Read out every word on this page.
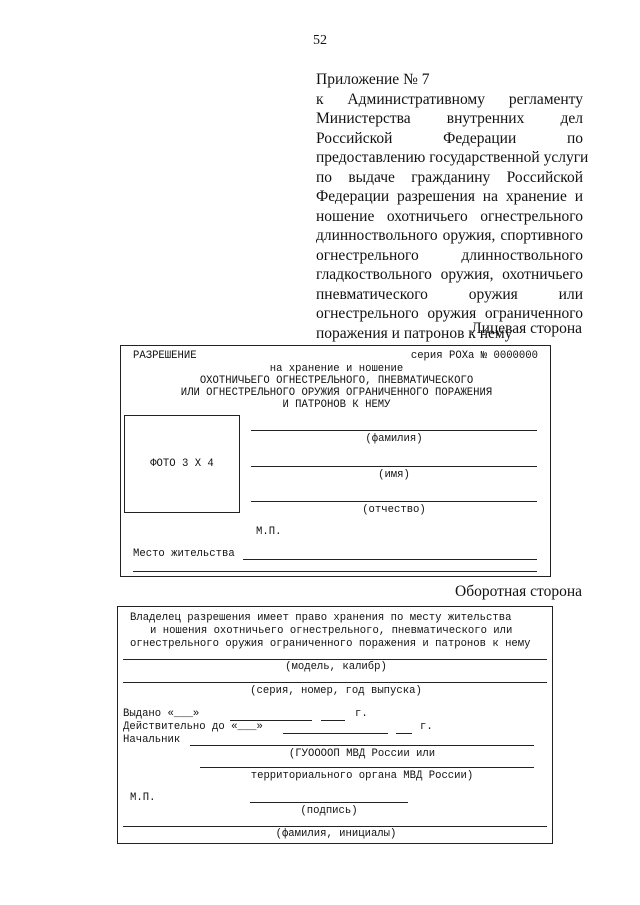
52
Приложение № 7
к Административному регламенту
Министерства внутренних дел
Российской Федерации по
предоставлению государственной услуги
по выдаче гражданину Российской
Федерации разрешения на хранение и
ношение охотничьего огнестрельного
длинноствольного оружия, спортивного
огнестрельного длинноствольного
гладкоствольного оружия, охотничьего
пневматического оружия или
огнестрельного оружия ограниченного
поражения и патронов к нему
Лицевая сторона
РАЗРЕШЕНИЕ	серия РОХа № 0000000
на хранение и ношение
ОХОТНИЧЬЕГО ОГНЕСТРЕЛЬНОГО, ПНЕВМАТИЧЕСКОГО
ИЛИ ОГНЕСТРЕЛЬНОГО ОРУЖИЯ ОГРАНИЧЕННОГО ПОРАЖЕНИЯ
И ПАТРОНОВ К НЕМУ
ФОТО 3 Х 4
(фамилия)
(имя)
(отчество)
М.П.
Место жительства
Оборотная сторона
Владелец разрешения имеет право хранения по месту жительства
и ношения охотничьего огнестрельного, пневматического или
огнестрельного оружия ограниченного поражения и патронов к нему
(модель, калибр)
(серия, номер, год выпуска)
Выдано «___»	г.
Действительно до «___»	г.
Начальник
(ГУООООП МВД России или
территориального органа МВД России)
М.П.
(подпись)
(фамилия, инициалы)
